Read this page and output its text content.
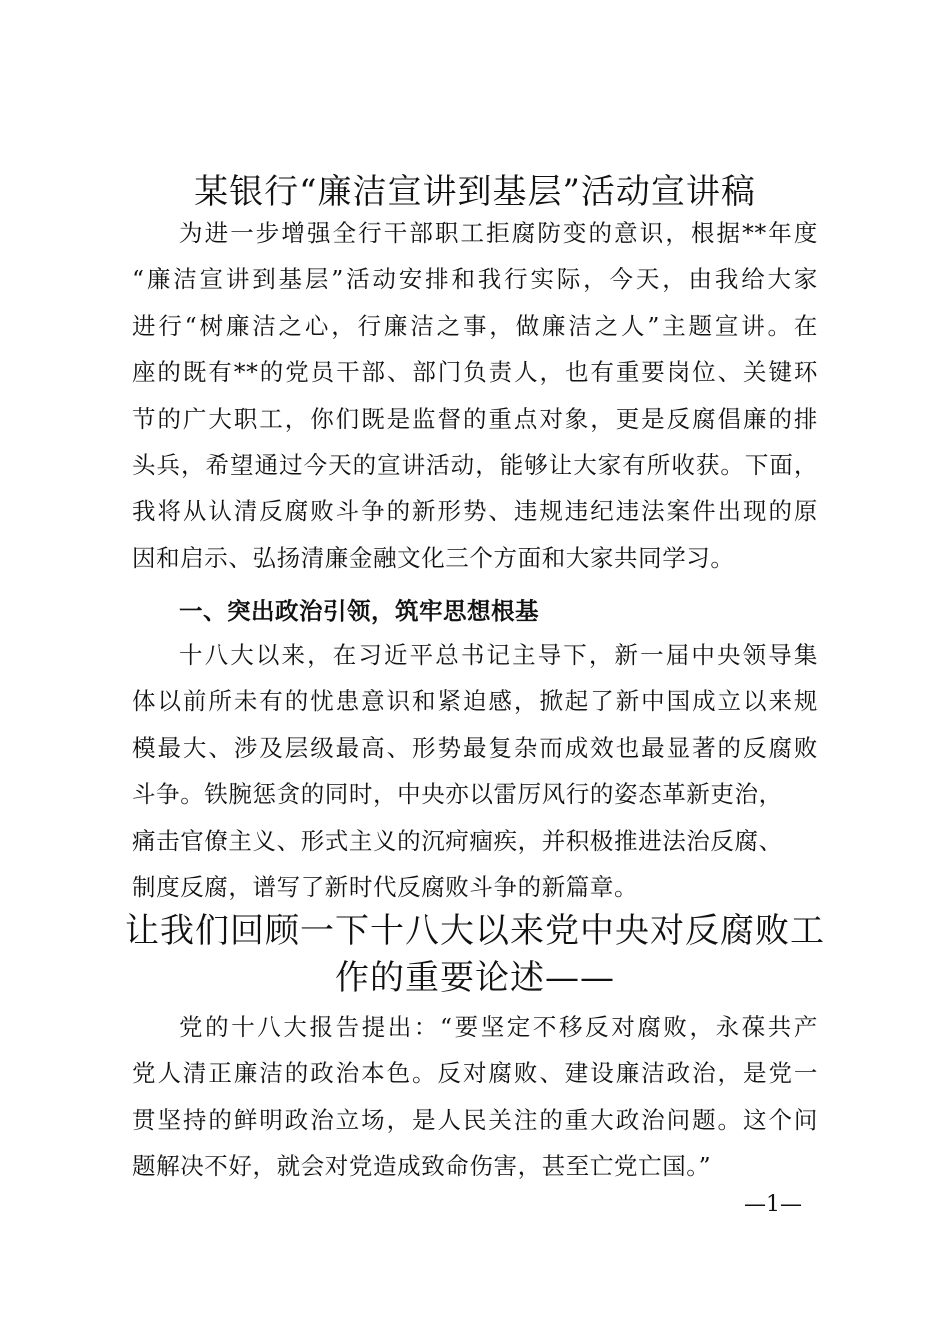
某银行“廉洁宣讲到基层”活动宣讲稿
为进一步增强全行干部职工拒腐防变的意识，根据**年度
“廉洁宣讲到基层”活动安排和我行实际，今天，由我给大家
进行“树廉洁之心，行廉洁之事，做廉洁之人”主题宣讲。在
座的既有**的党员干部、部门负责人，也有重要岗位、关键环
节的广大职工，你们既是监督的重点对象，更是反腐倡廉的排
头兵，希望通过今天的宣讲活动，能够让大家有所收获。下面，
我将从认清反腐败斗争的新形势、违规违纪违法案件出现的原
因和启示、弘扬清廉金融文化三个方面和大家共同学习。
一、突出政治引领，筑牢思想根基
十八大以来，在习近平总书记主导下，新一届中央领导集
体以前所未有的忧患意识和紧迫感，掀起了新中国成立以来规
模最大、涉及层级最高、形势最复杂而成效也最显著的反腐败
斗争。铁腕惩贪的同时，中央亦以雷厉风行的姿态革新吏治，
痛击官僚主义、形式主义的沉疴痼疾，并积极推进法治反腐、
制度反腐，谱写了新时代反腐败斗争的新篇章。
让我们回顾一下十八大以来党中央对反腐败工
作的重要论述——
党的十八大报告提出：“要坚定不移反对腐败，永葆共产
党人清正廉洁的政治本色。反对腐败、建设廉洁政治，是党一
贯坚持的鲜明政治立场，是人民关注的重大政治问题。这个问
题解决不好，就会对党造成致命伤害，甚至亡党亡国。”
—1—
